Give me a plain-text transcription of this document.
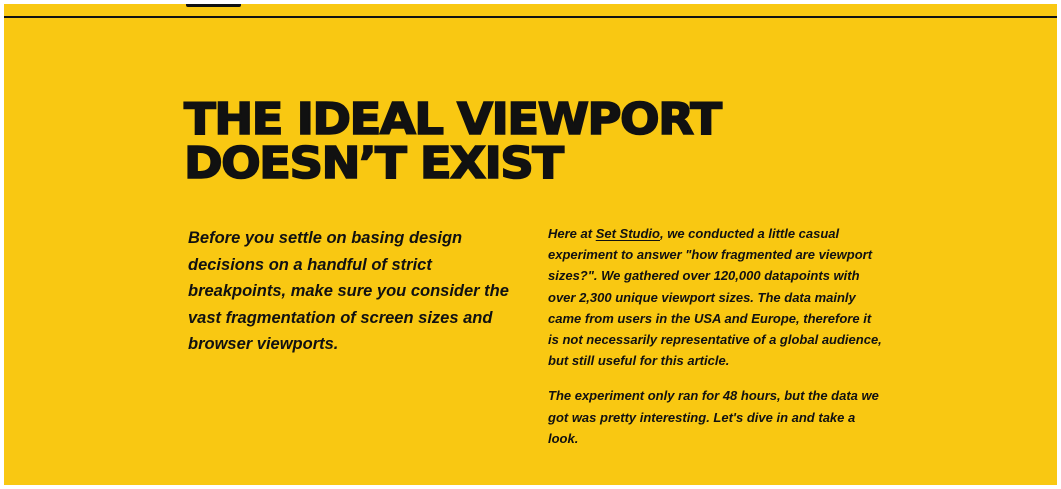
THE IDEAL VIEWPORT
DOESN’T EXIST

Before you settle on basing design decisions on a handful of strict breakpoints, make sure you consider the vast fragmentation of screen sizes and browser viewports.

Here at Set Studio, we conducted a little casual experiment to answer "how fragmented are viewport sizes?". We gathered over 120,000 datapoints with over 2,300 unique viewport sizes. The data mainly came from users in the USA and Europe, therefore it is not necessarily representative of a global audience, but still useful for this article.

The experiment only ran for 48 hours, but the data we got was pretty interesting. Let's dive in and take a look.
